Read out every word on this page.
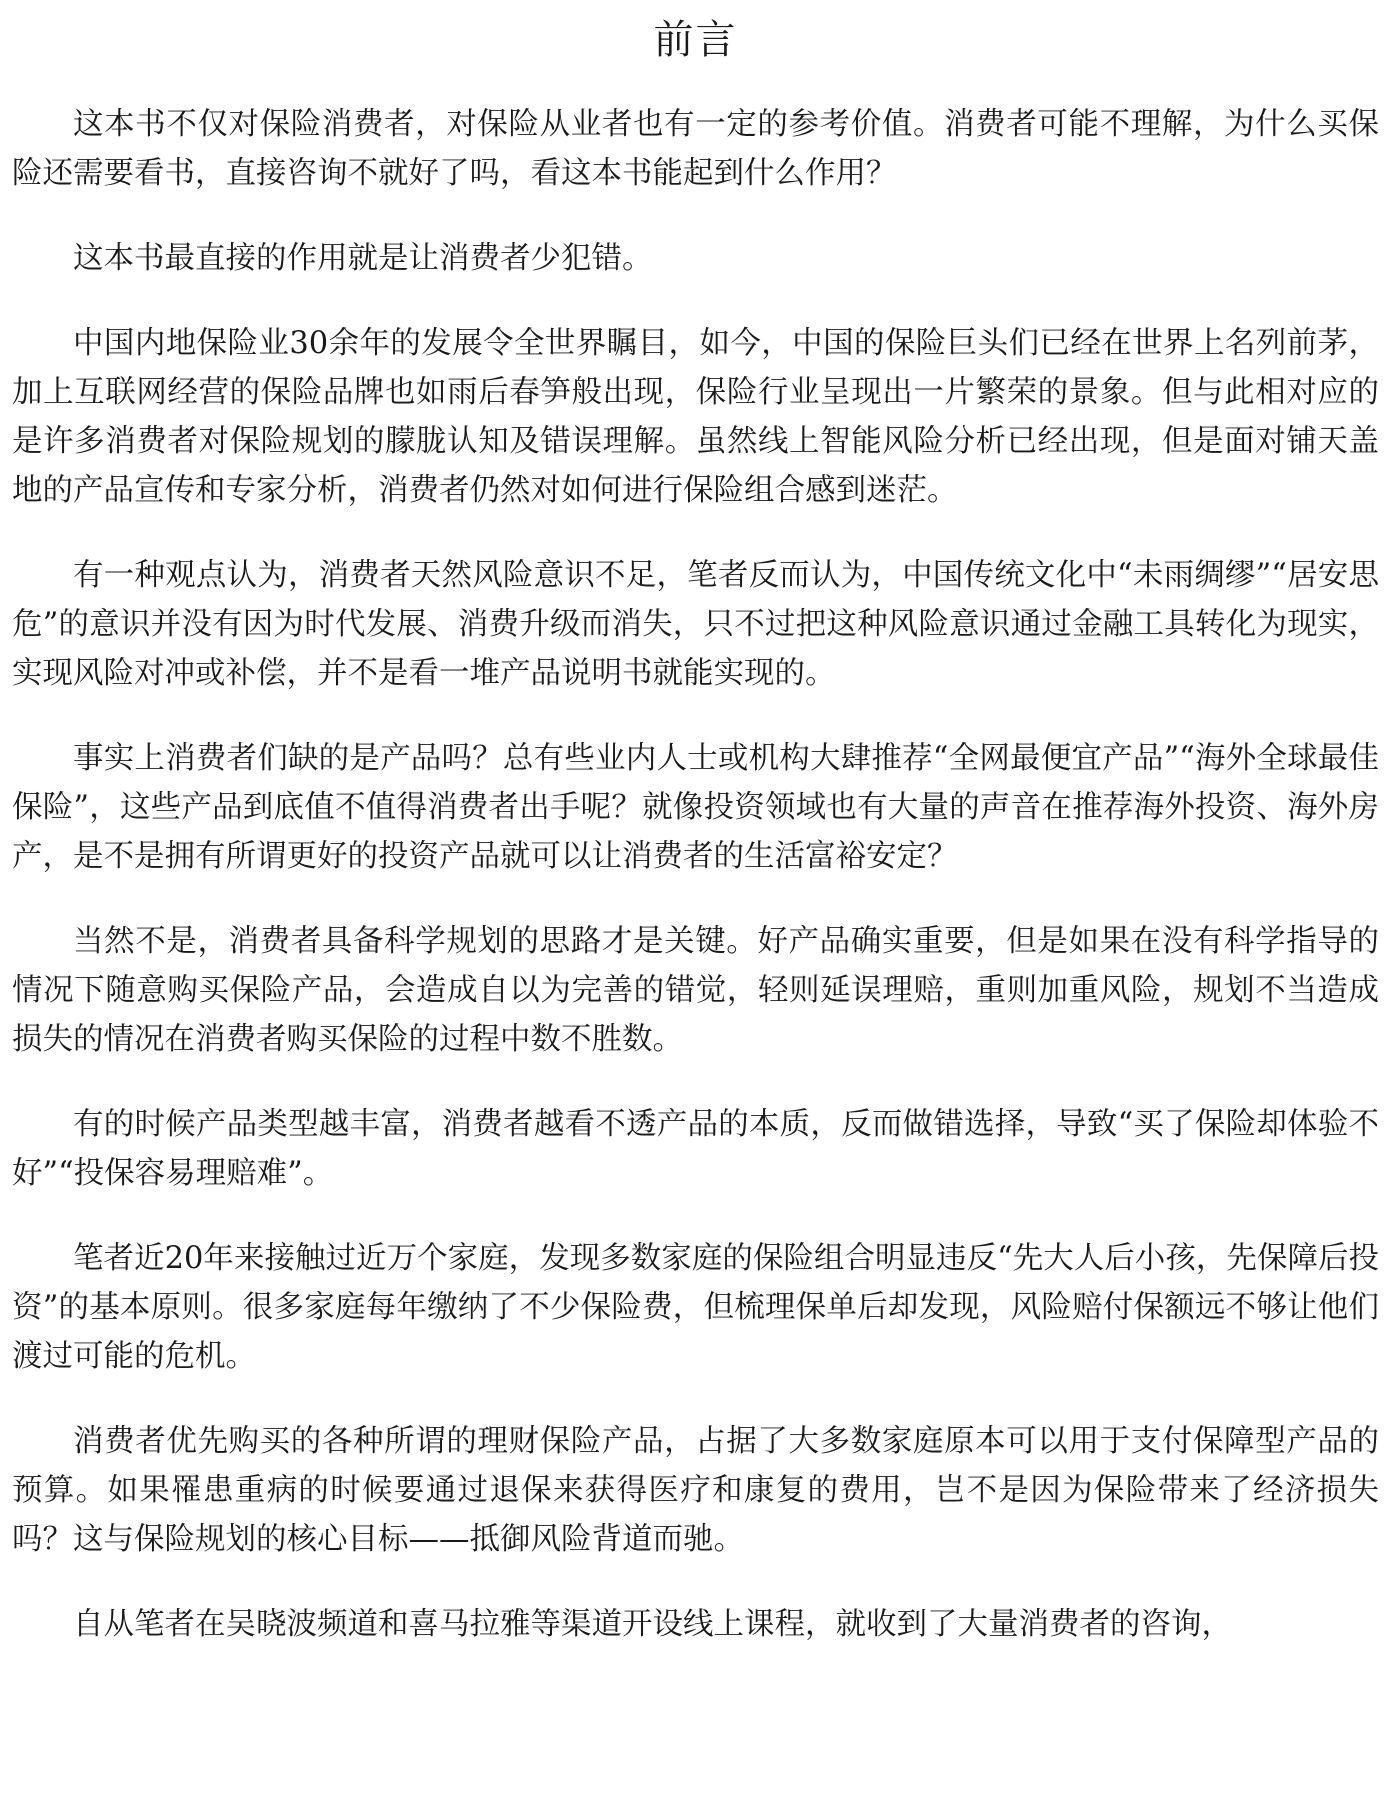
前言

这本书不仅对保险消费者，对保险从业者也有一定的参考价值。消费者可能不理解，为什么买保险还需要看书，直接咨询不就好了吗，看这本书能起到什么作用？

这本书最直接的作用就是让消费者少犯错。

中国内地保险业30余年的发展令全世界瞩目，如今，中国的保险巨头们已经在世界上名列前茅，加上互联网经营的保险品牌也如雨后春笋般出现，保险行业呈现出一片繁荣的景象。但与此相对应的是许多消费者对保险规划的朦胧认知及错误理解。虽然线上智能风险分析已经出现，但是面对铺天盖地的产品宣传和专家分析，消费者仍然对如何进行保险组合感到迷茫。

有一种观点认为，消费者天然风险意识不足，笔者反而认为，中国传统文化中“未雨绸缪”“居安思危”的意识并没有因为时代发展、消费升级而消失，只不过把这种风险意识通过金融工具转化为现实，实现风险对冲或补偿，并不是看一堆产品说明书就能实现的。

事实上消费者们缺的是产品吗？总有些业内人士或机构大肆推荐“全网最便宜产品”“海外全球最佳保险”，这些产品到底值不值得消费者出手呢？就像投资领域也有大量的声音在推荐海外投资、海外房产，是不是拥有所谓更好的投资产品就可以让消费者的生活富裕安定？

当然不是，消费者具备科学规划的思路才是关键。好产品确实重要，但是如果在没有科学指导的情况下随意购买保险产品，会造成自以为完善的错觉，轻则延误理赔，重则加重风险，规划不当造成损失的情况在消费者购买保险的过程中数不胜数。

有的时候产品类型越丰富，消费者越看不透产品的本质，反而做错选择，导致“买了保险却体验不好”“投保容易理赔难”。

笔者近20年来接触过近万个家庭，发现多数家庭的保险组合明显违反“先大人后小孩，先保障后投资”的基本原则。很多家庭每年缴纳了不少保险费，但梳理保单后却发现，风险赔付保额远不够让他们渡过可能的危机。

消费者优先购买的各种所谓的理财保险产品，占据了大多数家庭原本可以用于支付保障型产品的预算。如果罹患重病的时候要通过退保来获得医疗和康复的费用，岂不是因为保险带来了经济损失吗？这与保险规划的核心目标——抵御风险背道而驰。

自从笔者在吴晓波频道和喜马拉雅等渠道开设线上课程，就收到了大量消费者的咨询，
